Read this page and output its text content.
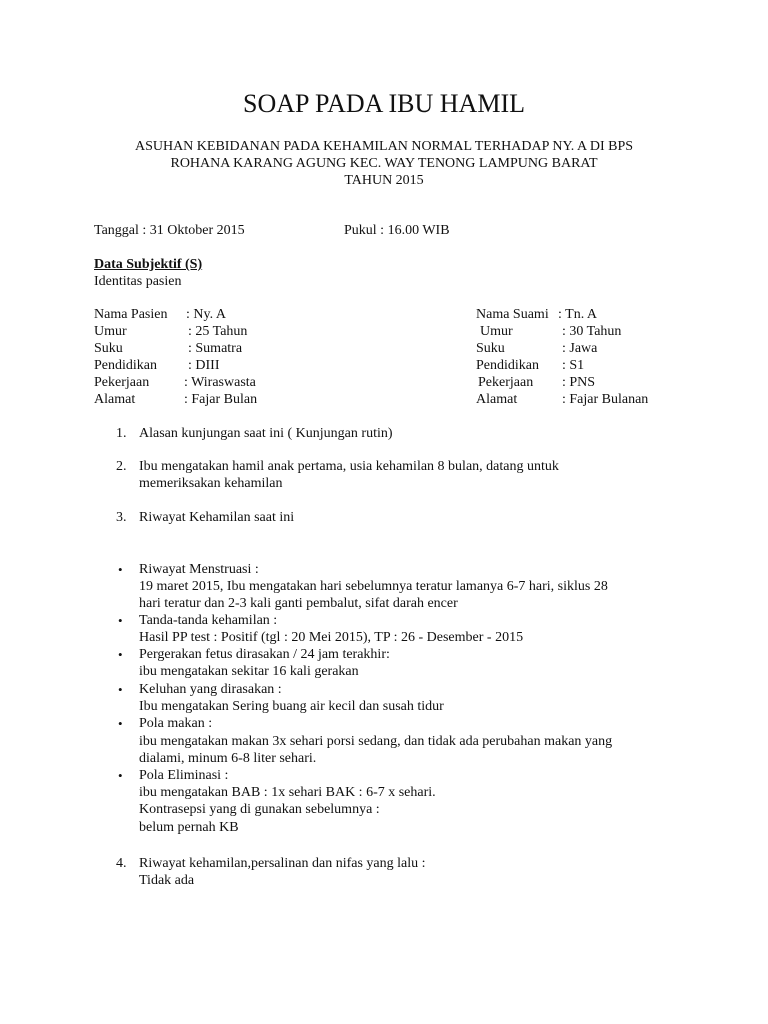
SOAP PADA IBU HAMIL
ASUHAN KEBIDANAN PADA KEHAMILAN NORMAL TERHADAP NY. A DI BPS
ROHANA KARANG AGUNG KEC. WAY TENONG LAMPUNG BARAT
TAHUN 2015
Tanggal : 31 Oktober 2015	Pukul : 16.00 WIB
Data Subjektif (S)
Identitas pasien
Nama Pasien : Ny. A
Umur	: 25 Tahun
Suku	: Sumatra
Pendidikan : DIII
Pekerjaan : Wiraswasta
Alamat	: Fajar Bulan
Nama Suami : Tn. A
Umur	: 30 Tahun
Suku	: Jawa
Pendidikan : S1
Pekerjaan : PNS
Alamat	: Fajar Bulanan
1. Alasan kunjungan saat ini ( Kunjungan rutin)
2. Ibu mengatakan hamil anak pertama, usia kehamilan 8 bulan, datang untuk
memeriksakan kehamilan
3. Riwayat Kehamilan saat ini
• Riwayat Menstruasi :
19 maret 2015, Ibu mengatakan hari sebelumnya teratur lamanya 6-7 hari, siklus 28
hari teratur dan 2-3 kali ganti pembalut, sifat darah encer
• Tanda-tanda kehamilan :
Hasil PP test : Positif (tgl : 20 Mei 2015), TP : 26 - Desember - 2015
• Pergerakan fetus dirasakan / 24 jam terakhir:
ibu mengatakan sekitar 16 kali gerakan
• Keluhan yang dirasakan :
Ibu mengatakan Sering buang air kecil dan susah tidur
• Pola makan :
ibu mengatakan makan 3x sehari porsi sedang, dan tidak ada perubahan makan yang
dialami, minum 6-8 liter sehari.
• Pola Eliminasi :
ibu mengatakan BAB : 1x sehari BAK : 6-7 x sehari.
Kontrasepsi yang di gunakan sebelumnya :
belum pernah KB
4. Riwayat kehamilan,persalinan dan nifas yang lalu :
Tidak ada
